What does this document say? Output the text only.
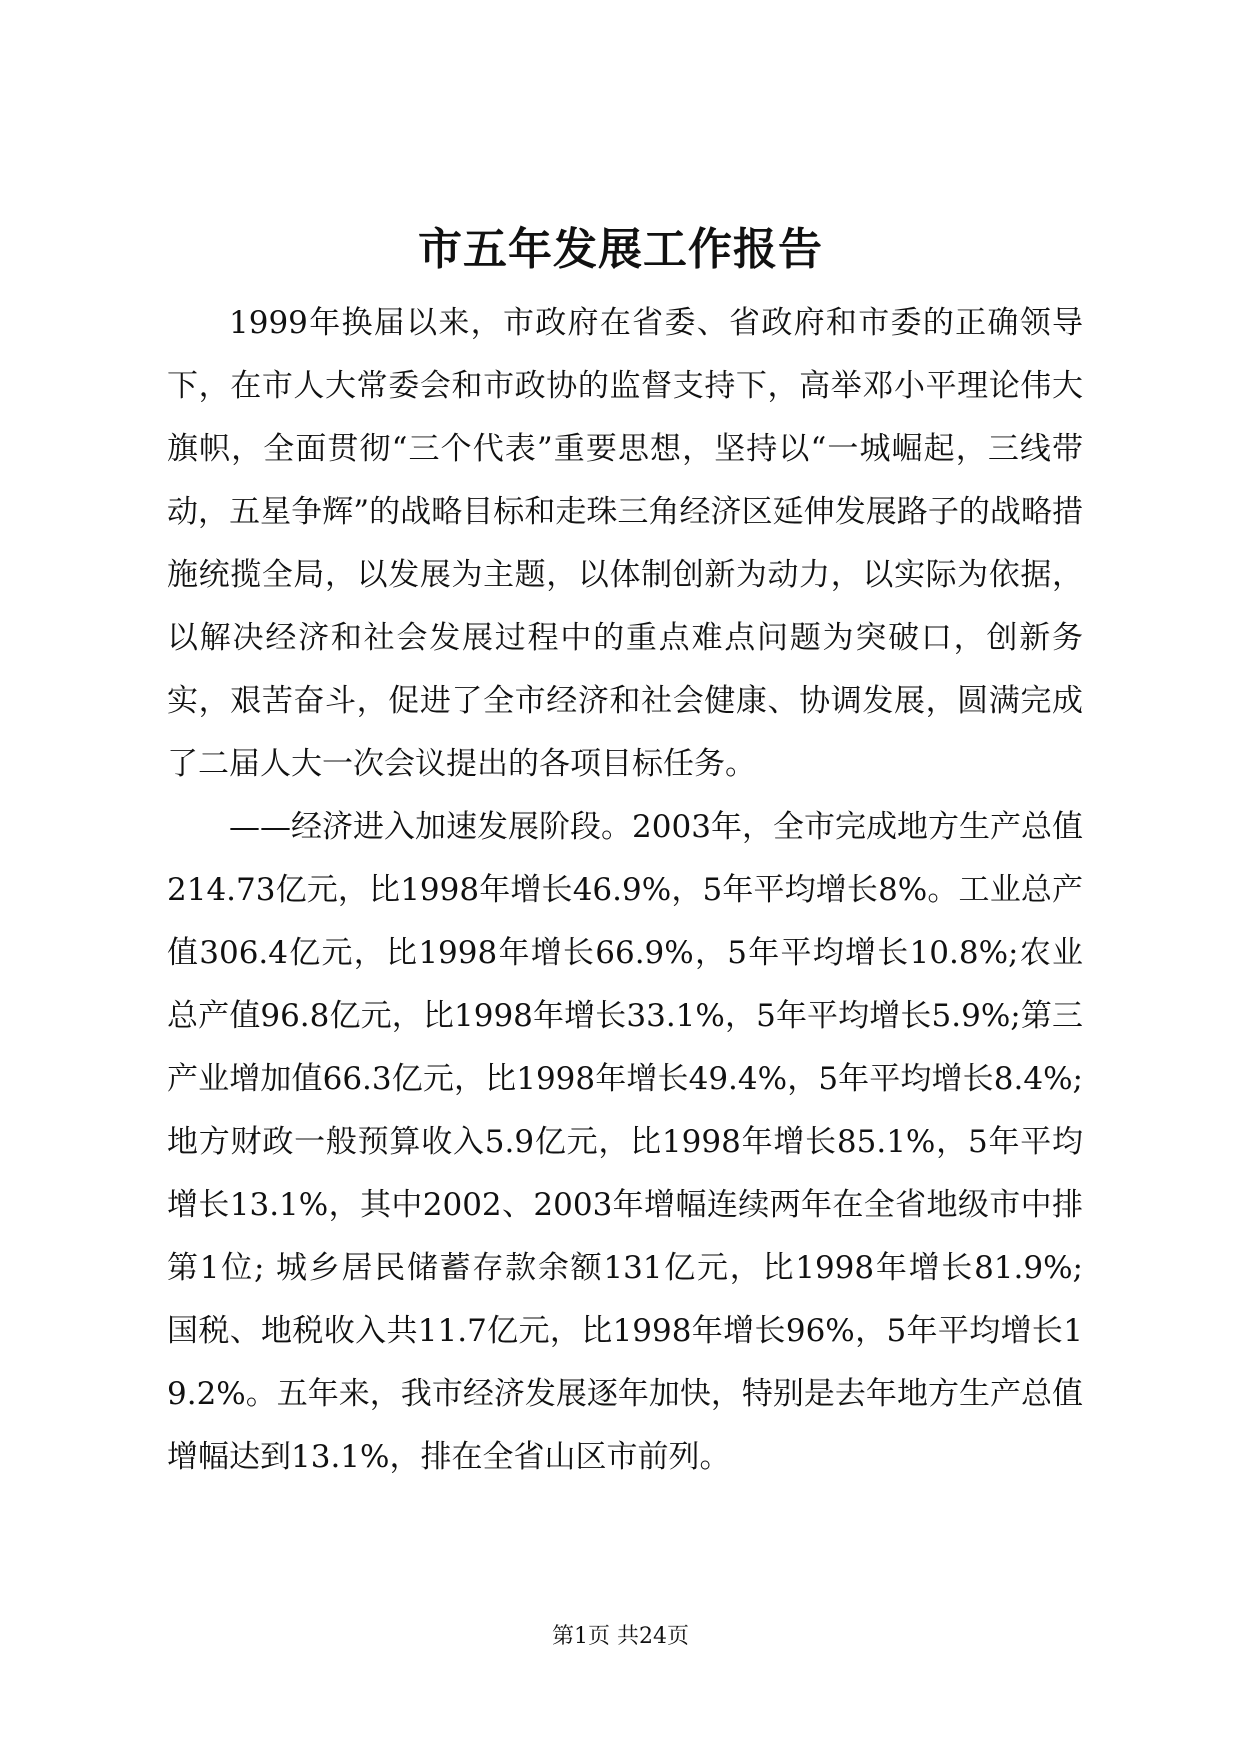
市五年发展工作报告

1999年换届以来，市政府在省委、省政府和市委的正确领导下，在市人大常委会和市政协的监督支持下，高举邓小平理论伟大旗帜，全面贯彻“三个代表”重要思想，坚持以“一城崛起，三线带动，五星争辉”的战略目标和走珠三角经济区延伸发展路子的战略措施统揽全局，以发展为主题，以体制创新为动力，以实际为依据，以解决经济和社会发展过程中的重点难点问题为突破口，创新务实，艰苦奋斗，促进了全市经济和社会健康、协调发展，圆满完成了二届人大一次会议提出的各项目标任务。

——经济进入加速发展阶段。2003年，全市完成地方生产总值214.73亿元，比1998年增长46.9%，5年平均增长8%。工业总产值306.4亿元，比1998年增长66.9%，5年平均增长10.8%;农业总产值96.8亿元，比1998年增长33.1%，5年平均增长5.9%;第三产业增加值66.3亿元，比1998年增长49.4%，5年平均增长8.4%;地方财政一般预算收入5.9亿元，比1998年增长85.1%，5年平均增长13.1%，其中2002、2003年增幅连续两年在全省地级市中排第1位; 城乡居民储蓄存款余额131亿元，比1998年增长81.9%; 国税、地税收入共11.7亿元，比1998年增长96%，5年平均增长19.2%。五年来，我市经济发展逐年加快，特别是去年地方生产总值增幅达到13.1%，排在全省山区市前列。

第1页 共24页
